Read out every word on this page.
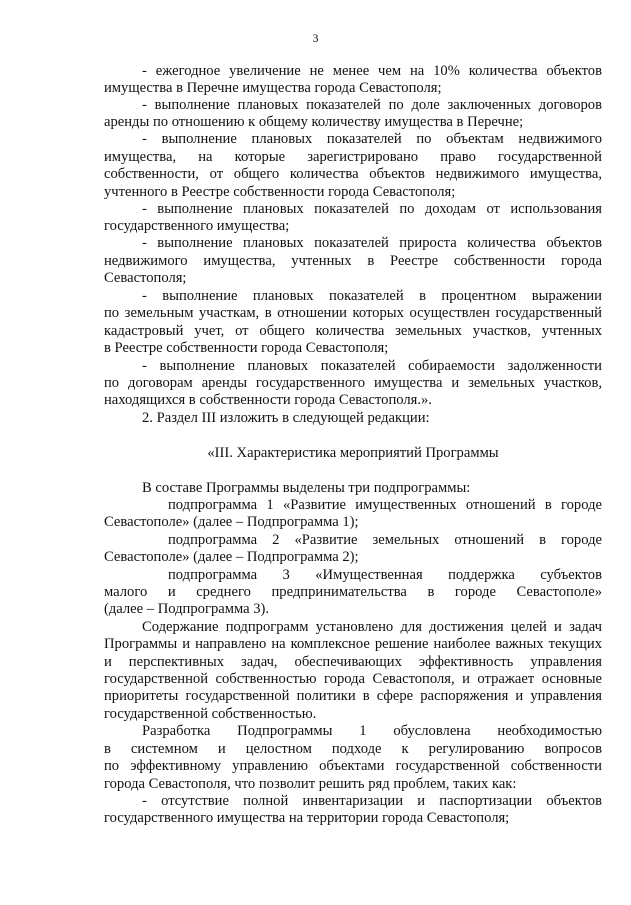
3
- ежегодное увеличение не менее чем на 10% количества объектов
имущества в Перечне имущества города Севастополя;
- выполнение плановых показателей по доле заключенных договоров
аренды по отношению к общему количеству имущества в Перечне;
- выполнение плановых показателей по объектам недвижимого
имущества, на которые зарегистрировано право государственной
собственности, от общего количества объектов недвижимого имущества,
учтенного в Реестре собственности города Севастополя;
- выполнение плановых показателей по доходам от использования
государственного имущества;
- выполнение плановых показателей прироста количества объектов
недвижимого имущества, учтенных в Реестре собственности города
Севастополя;
- выполнение плановых показателей в процентном выражении
по земельным участкам, в отношении которых осуществлен государственный
кадастровый учет, от общего количества земельных участков, учтенных
в Реестре собственности города Севастополя;
- выполнение плановых показателей собираемости задолженности
по договорам аренды государственного имущества и земельных участков,
находящихся в собственности города Севастополя.».
2. Раздел III изложить в следующей редакции:
«III. Характеристика мероприятий Программы
В составе Программы выделены три подпрограммы:
подпрограмма 1 «Развитие имущественных отношений в городе
Севастополе» (далее – Подпрограмма 1);
подпрограмма 2 «Развитие земельных отношений в городе
Севастополе» (далее – Подпрограмма 2);
подпрограмма 3 «Имущественная поддержка субъектов
малого и среднего предпринимательства в городе Севастополе»
(далее – Подпрограмма 3).
Содержание подпрограмм установлено для достижения целей и задач
Программы и направлено на комплексное решение наиболее важных текущих
и перспективных задач, обеспечивающих эффективность управления
государственной собственностью города Севастополя, и отражает основные
приоритеты государственной политики в сфере распоряжения и управления
государственной собственностью.
Разработка Подпрограммы 1 обусловлена необходимостью
в системном и целостном подходе к регулированию вопросов
по эффективному управлению объектами государственной собственности
города Севастополя, что позволит решить ряд проблем, таких как:
- отсутствие полной инвентаризации и паспортизации объектов
государственного имущества на территории города Севастополя;
